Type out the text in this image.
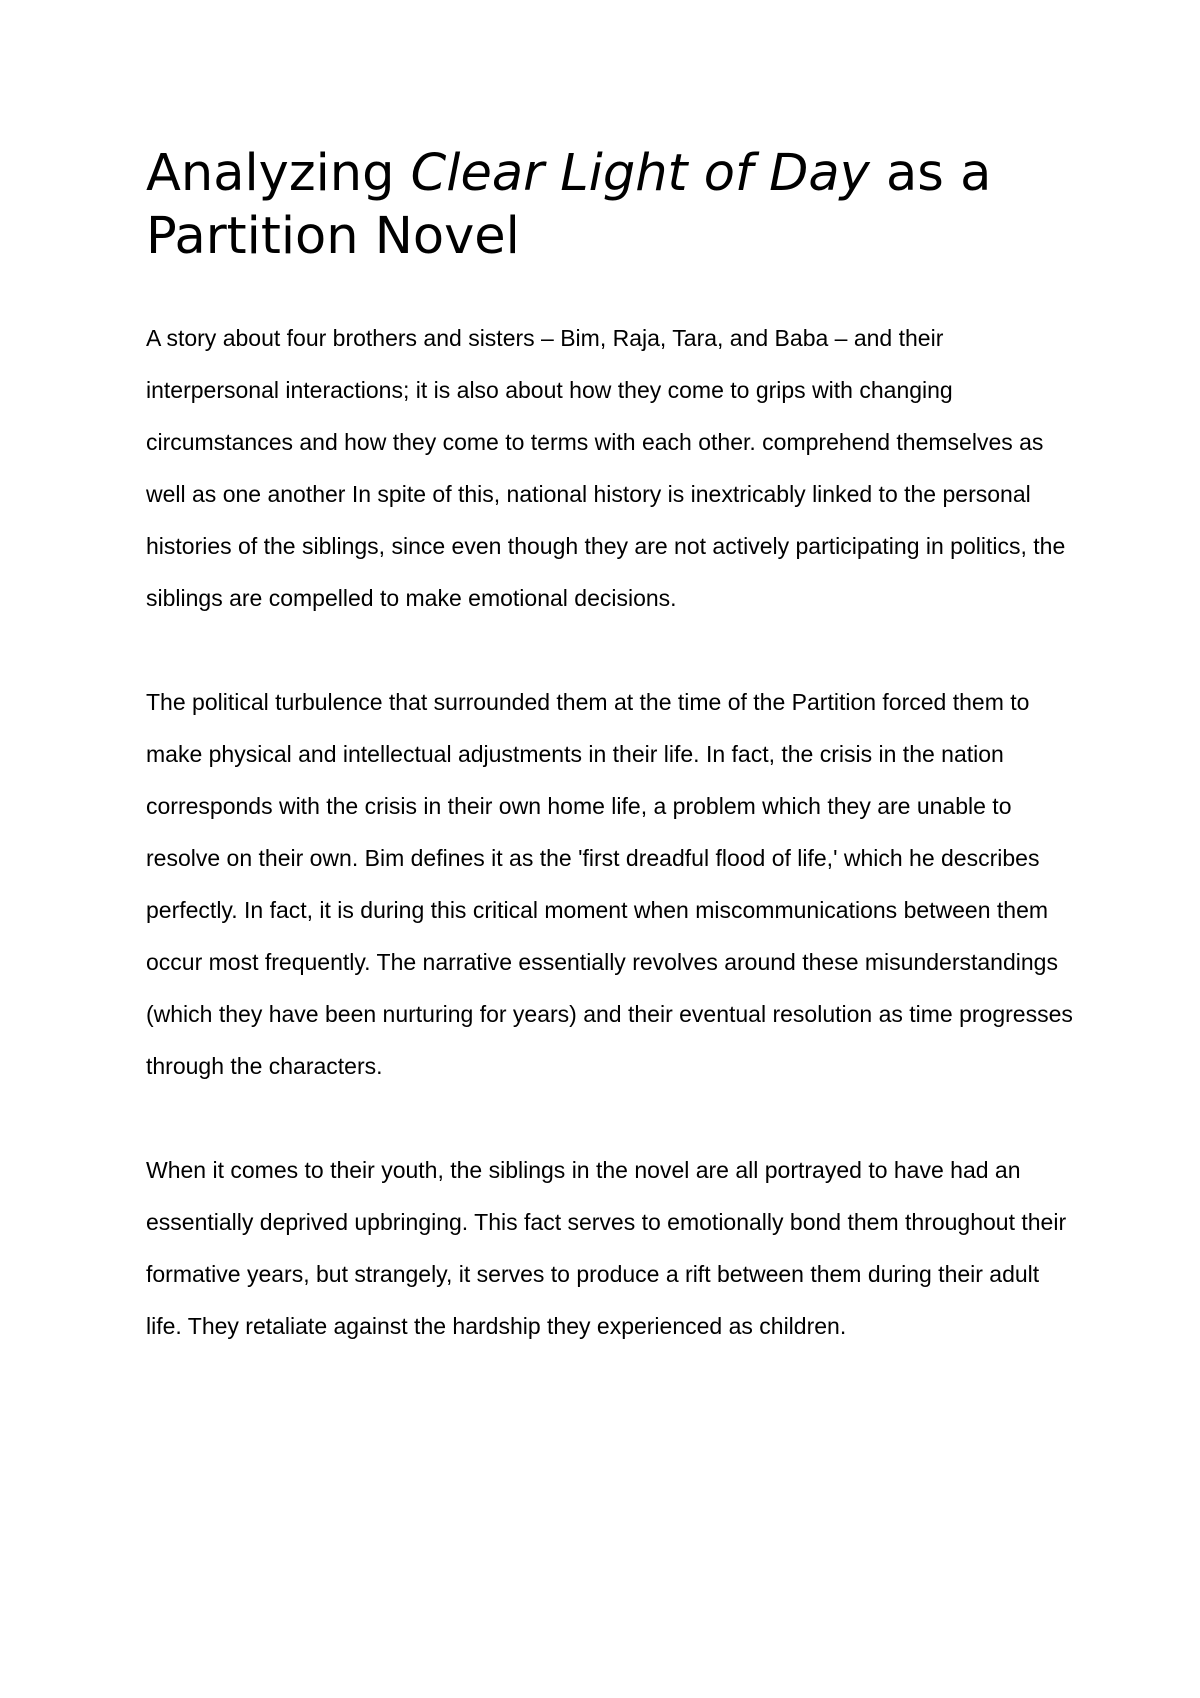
Analyzing Clear Light of Day as a Partition Novel

A story about four brothers and sisters – Bim, Raja, Tara, and Baba – and their interpersonal interactions; it is also about how they come to grips with changing circumstances and how they come to terms with each other. comprehend themselves as well as one another In spite of this, national history is inextricably linked to the personal histories of the siblings, since even though they are not actively participating in politics, the siblings are compelled to make emotional decisions.

The political turbulence that surrounded them at the time of the Partition forced them to make physical and intellectual adjustments in their life. In fact, the crisis in the nation corresponds with the crisis in their own home life, a problem which they are unable to resolve on their own. Bim defines it as the 'first dreadful flood of life,' which he describes perfectly. In fact, it is during this critical moment when miscommunications between them occur most frequently. The narrative essentially revolves around these misunderstandings (which they have been nurturing for years) and their eventual resolution as time progresses through the characters.

When it comes to their youth, the siblings in the novel are all portrayed to have had an essentially deprived upbringing. This fact serves to emotionally bond them throughout their formative years, but strangely, it serves to produce a rift between them during their adult life. They retaliate against the hardship they experienced as children.
